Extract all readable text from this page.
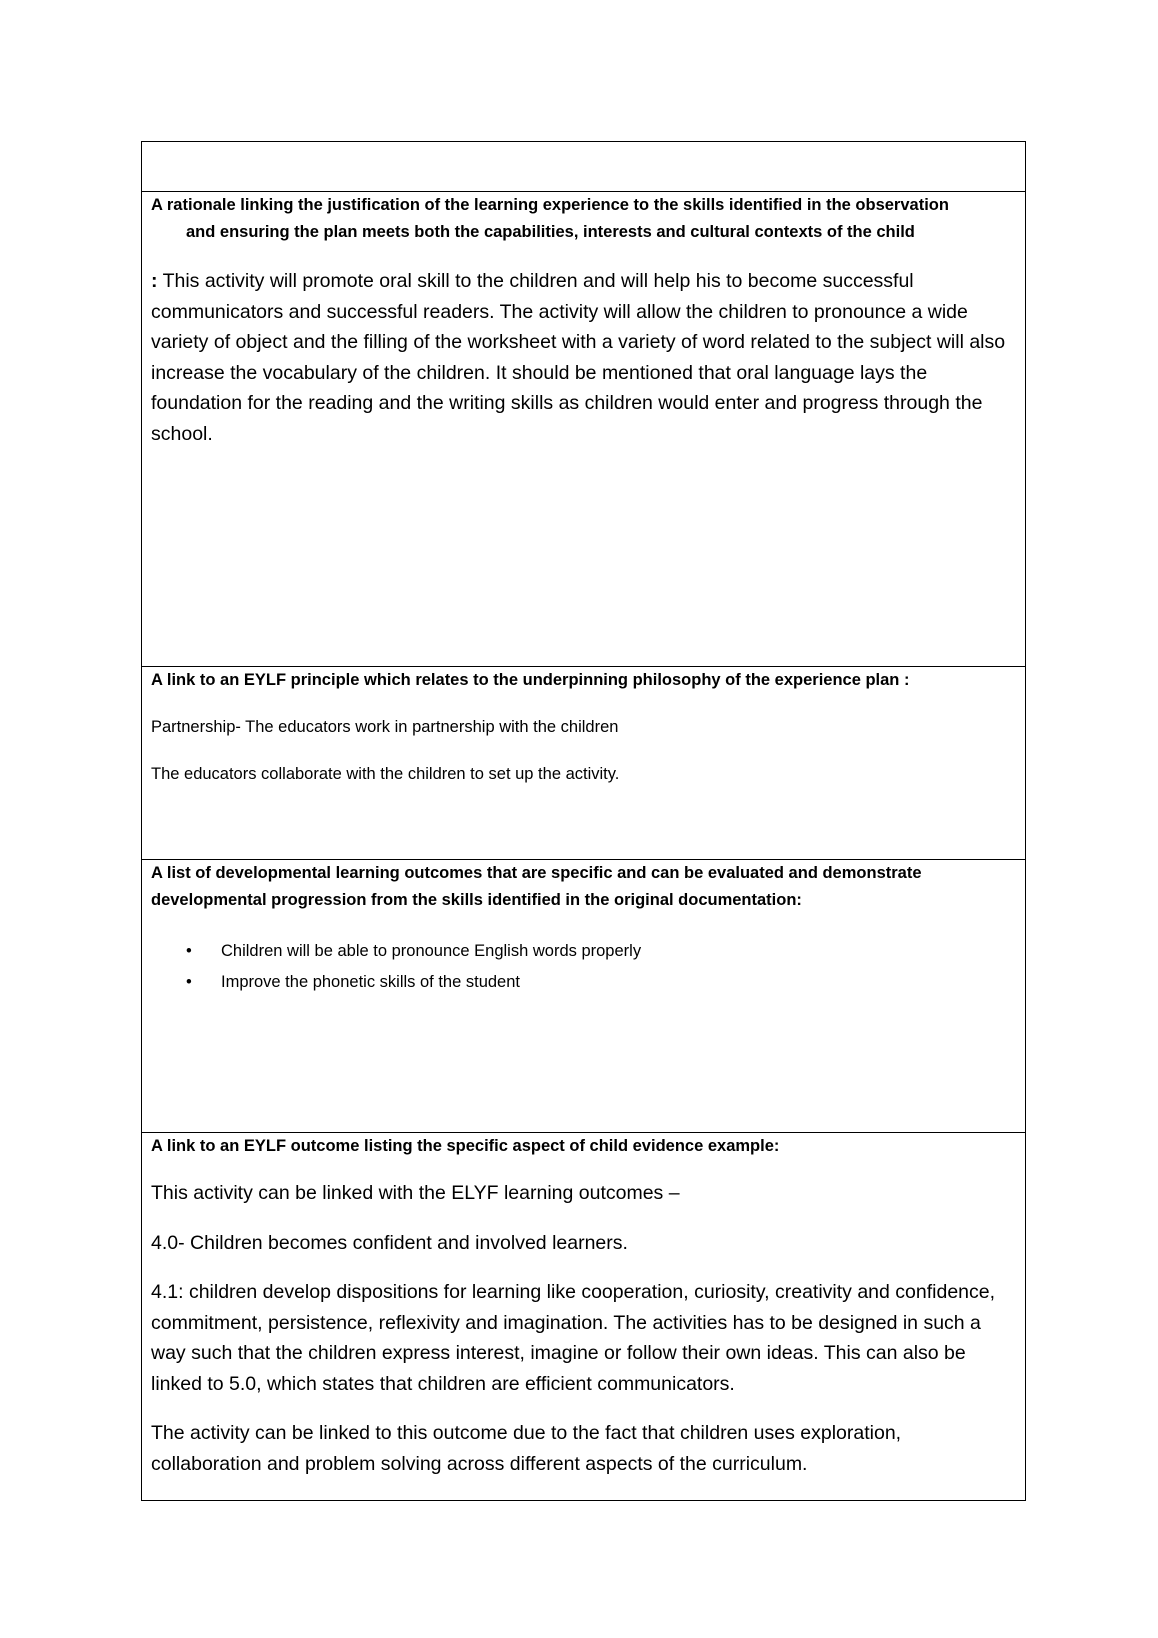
A rationale linking the justification of the learning experience to the skills identified in the observation
and ensuring the plan meets both the capabilities, interests and cultural contexts of the child

: This activity will promote oral skill to the children and will help his to become successful communicators and successful readers. The activity will allow the children to pronounce a wide variety of object and the filling of the worksheet with a variety of word related to the subject will also increase the vocabulary of the children. It should be mentioned that oral language lays the foundation for the reading and the writing skills as children would enter and progress through the school.

A link to an EYLF principle which relates to the underpinning philosophy of the experience plan :

Partnership- The educators work in partnership with the children

The educators collaborate with the children to set up the activity.

A list of developmental learning outcomes that are specific and can be evaluated and demonstrate developmental progression from the skills identified in the original documentation:

• Children will be able to pronounce English words properly
• Improve the phonetic skills of the student

A link to an EYLF outcome listing the specific aspect of child evidence example:

This activity can be linked with the ELYF learning outcomes –

4.0- Children becomes confident and involved learners.

4.1: children develop dispositions for learning like cooperation, curiosity, creativity and confidence, commitment, persistence, reflexivity and imagination. The activities has to be designed in such a way such that the children express interest, imagine or follow their own ideas. This can also be linked to 5.0, which states that children are efficient communicators.

The activity can be linked to this outcome due to the fact that children uses exploration, collaboration and problem solving across different aspects of the curriculum.
